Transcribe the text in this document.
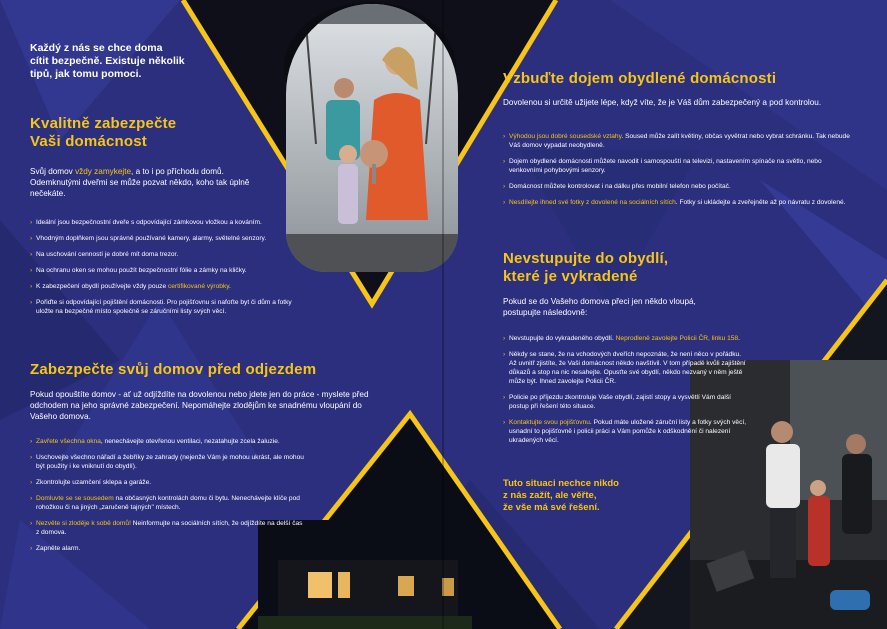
Každý z nás se chce doma
cítit bezpečně. Existuje několik
tipů, jak tomu pomoci.
Kvalitně zabezpečte
Vaši domácnost

Svůj domov vždy zamykejte, a to i po příchodu domů. Odemknutými dveřmi se může pozvat někdo, koho tak úplně nečekáte.

› Ideální jsou bezpečnostní dveře s odpovídající zámkovou vložkou a kováním.
› Vhodným doplňkem jsou správně používané kamery, alarmy, světelné senzory.
› Na uschování cenností je dobré mít doma trezor.
› Na ochranu oken se mohou použít bezpečnostní fólie a zámky na kličky.
› K zabezpečení obydlí používejte vždy pouze certifikované výrobky.
› Pořiďte si odpovídající pojištění domácnosti. Pro pojišťovnu si nafoťte byt či dům a fotky uložte na bezpečné místo společně se záručními listy svých věcí.
Zabezpečte svůj domov před odjezdem

Pokud opouštíte domov - ať už odjíždíte na dovolenou nebo jdete jen do práce - myslete před odchodem na jeho správné zabezpečení. Nepomáhejte zlodějům ke snadnému vloupání do Vašeho domova.

› Zavřete všechna okna, nenechávejte otevřenou ventilaci, nezatahujte zcela žaluzie.
› Uschovejte všechno nářadí a žebříky ze zahrady (nejenže Vám je mohou ukrást, ale mohou být použity i ke vniknutí do obydlí).
› Zkontrolujte uzamčení sklepa a garáže.
› Domluvte se se sousedem na občasných kontrolách domu či bytu. Nenechávejte klíče pod rohožkou či na jiných „zaručeně tajných" místech.
› Nezvěte si zloděje k sobě domů! Neinformujte na sociálních sítích, že odjíždíte na delší čas z domova.
› Zapněte alarm.
Vzbuďte dojem obydlené domácnosti

Dovolenou si určitě užijete lépe, když víte, že je Váš dům zabezpečený a pod kontrolou.

› Výhodou jsou dobré sousedské vztahy. Soused může zalít květiny, občas vyvětrat nebo vybrat schránku. Tak nebude Váš domov vypadat neobydleně.
› Dojem obydlené domácnosti můžete navodit i samospouští na televizi, nastavením spínače na světlo, nebo venkovními pohybovými senzory.
› Domácnost můžete kontrolovat i na dálku přes mobilní telefon nebo počítač.
› Nesdílejte ihned své fotky z dovolené na sociálních sítích. Fotky si ukládejte a zveřejněte až po návratu z dovolené.
Nevstupujte do obydlí,
které je vykradené
Pokud se do Vašeho domova přeci jen někdo vloupá,
postupujte následovně:
› Nevstupujte do vykradeného obydlí. Neprodleně zavolejte Policii ČR, linku 158.
› Někdy se stane, že na vchodových dveřích nepoznáte, že není něco v pořádku. Až uvnitř zjistíte, že Vaši domácnost někdo navštívil. V tom případě kvůli zajištění důkazů a stop na nic nesahejte. Opusťte své obydlí, někdo nezvaný v něm ještě může být. Ihned zavolejte Policii ČR.
› Policie po příjezdu zkontroluje Vaše obydlí, zajistí stopy a vysvětlí Vám další postup při řešení této situace.
› Kontaktujte svou pojišťovnu. Pokud máte uložené záruční listy a fotky svých věcí, usnadní to pojišťovně i policii práci a Vám pomůže k odškodnění či nalezení ukradených věcí.
Tuto situaci nechce nikdo
z nás zažít, ale věřte,
že vše má své řešení.
